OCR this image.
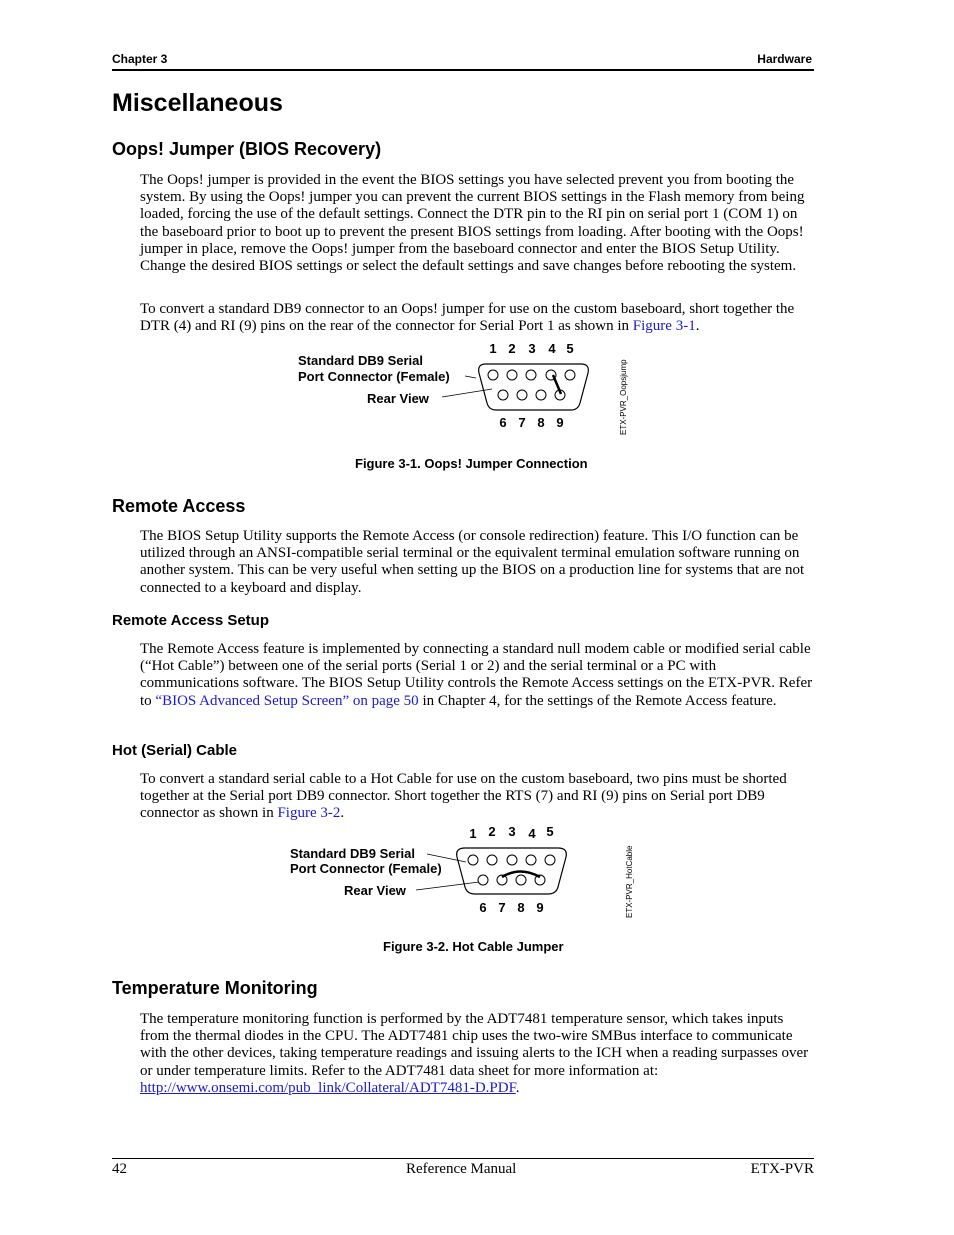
Chapter 3	Hardware
Miscellaneous
Oops! Jumper (BIOS Recovery)

The Oops! jumper is provided in the event the BIOS settings you have selected prevent you from booting the system. By using the Oops! jumper you can prevent the current BIOS settings in the Flash memory from being loaded, forcing the use of the default settings. Connect the DTR pin to the RI pin on serial port 1 (COM 1) on the baseboard prior to boot up to prevent the present BIOS settings from loading. After booting with the Oops! jumper in place, remove the Oops! jumper from the baseboard connector and enter the BIOS Setup Utility. Change the desired BIOS settings or select the default settings and save changes before rebooting the system.

To convert a standard DB9 connector to an Oops! jumper for use on the custom baseboard, short together the DTR (4) and RI (9) pins on the rear of the connector for Serial Port 1 as shown in Figure 3-1.

Standard DB9 Serial
Port Connector (Female)
Rear View
1 2 3 4 5
6 7 8 9	ETX-PVR_Oopsjump
Figure 3-1. Oops! Jumper Connection
Remote Access

The BIOS Setup Utility supports the Remote Access (or console redirection) feature. This I/O function can be utilized through an ANSI-compatible serial terminal or the equivalent terminal emulation software running on another system. This can be very useful when setting up the BIOS on a production line for systems that are not connected to a keyboard and display.

Remote Access Setup

The Remote Access feature is implemented by connecting a standard null modem cable or modified serial cable (“Hot Cable”) between one of the serial ports (Serial 1 or 2) and the serial terminal or a PC with communications software. The BIOS Setup Utility controls the Remote Access settings on the ETX-PVR. Refer to “BIOS Advanced Setup Screen” on page 50 in Chapter 4, for the settings of the Remote Access feature.

Hot (Serial) Cable

To convert a standard serial cable to a Hot Cable for use on the custom baseboard, two pins must be shorted together at the Serial port DB9 connector. Short together the RTS (7) and RI (9) pins on Serial port DB9 connector as shown in Figure 3-2.

Standard DB9 Serial
Port Connector (Female)
Rear View
1 2 3 4 5
6 7 8 9	ETX-PVR_HotCable
Figure 3-2. Hot Cable Jumper
Temperature Monitoring

The temperature monitoring function is performed by the ADT7481 temperature sensor, which takes inputs from the thermal diodes in the CPU. The ADT7481 chip uses the two-wire SMBus interface to communicate with the other devices, taking temperature readings and issuing alerts to the ICH when a reading surpasses over or under temperature limits. Refer to the ADT7481 data sheet for more information at: http://www.onsemi.com/pub_link/Collateral/ADT7481-D.PDF.

42	Reference Manual	ETX-PVR
